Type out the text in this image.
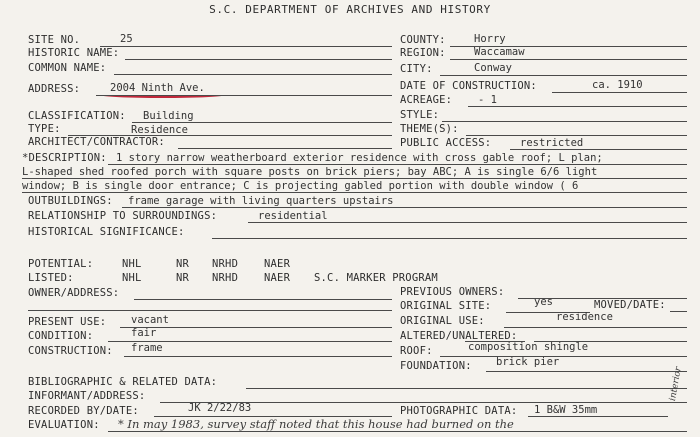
S.C. DEPARTMENT OF ARCHIVES AND HISTORY
SITE NO.	25	COUNTY:	Horry
HISTORIC NAME:	REGION:	Waccamaw
COMMON NAME:	CITY:	Conway
ADDRESS:	2004 Ninth Ave.	DATE OF CONSTRUCTION:	ca. 1910
ACREAGE: - 1
CLASSIFICATION: Building	STYLE:
TYPE:	Residence	THEME(S):
ARCHITECT/CONTRACTOR:	PUBLIC ACCESS:	restricted
*DESCRIPTION: 1 story narrow weatherboard exterior residence with cross gable roof; L plan;
L-shaped shed roofed porch with square posts on brick piers; bay ABC; A is single 6/6 light
window; B is single door entrance; C is projecting gabled portion with double window ( 6
OUTBUILDINGS: frame garage with living quarters upstairs
RELATIONSHIP TO SURROUNDINGS:	residential
HISTORICAL SIGNIFICANCE:
POTENTIAL:	NHL	NR NRHD NAER
LISTED:	NHL	NR NRHD NAER S.C. MARKER PROGRAM
OWNER/ADDRESS:	PREVIOUS OWNERS:
ORIGINAL SITE:	yes	MOVED/DATE:
PRESENT USE: vacant	ORIGINAL USE:	residence
CONDITION:	fair	ALTERED/UNALTERED:
CONSTRUCTION: frame	ROOF:	composition shingle
FOUNDATION: brick pier
BIBLIOGRAPHIC & RELATED DATA:
INFORMANT/ADDRESS:
RECORDED BY/DATE:	JK 2/22/83	PHOTOGRAPHIC DATA: 1 B&W 35mm
EVALUATION: * In may 1983, survey staff noted that this house had burned on the
interior
